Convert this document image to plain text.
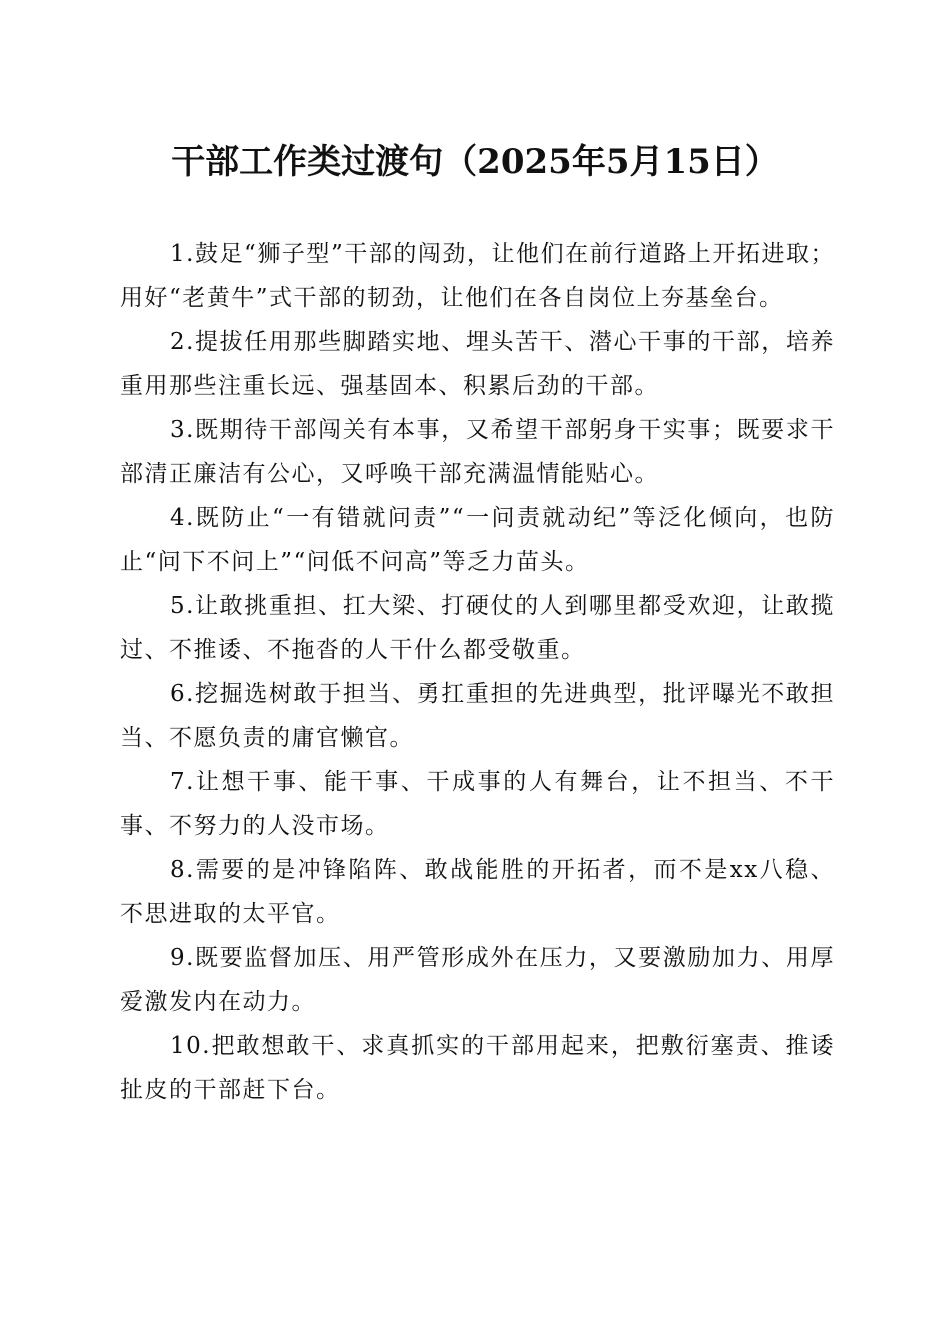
干部工作类过渡句（2025年5月15日）

1.鼓足“狮子型”干部的闯劲，让他们在前行道路上开拓进取；用好“老黄牛”式干部的韧劲，让他们在各自岗位上夯基垒台。

2.提拔任用那些脚踏实地、埋头苦干、潜心干事的干部，培养重用那些注重长远、强基固本、积累后劲的干部。

3.既期待干部闯关有本事，又希望干部躬身干实事；既要求干部清正廉洁有公心，又呼唤干部充满温情能贴心。

4.既防止“一有错就问责”“一问责就动纪”等泛化倾向，也防止“问下不问上”“问低不问高”等乏力苗头。

5.让敢挑重担、扛大梁、打硬仗的人到哪里都受欢迎，让敢揽过、不推诿、不拖沓的人干什么都受敬重。

6.挖掘选树敢于担当、勇扛重担的先进典型，批评曝光不敢担当、不愿负责的庸官懒官。

7.让想干事、能干事、干成事的人有舞台，让不担当、不干事、不努力的人没市场。

8.需要的是冲锋陷阵、敢战能胜的开拓者，而不是xx八稳、不思进取的太平官。

9.既要监督加压、用严管形成外在压力，又要激励加力、用厚爱激发内在动力。

10.把敢想敢干、求真抓实的干部用起来，把敷衍塞责、推诿扯皮的干部赶下台。
